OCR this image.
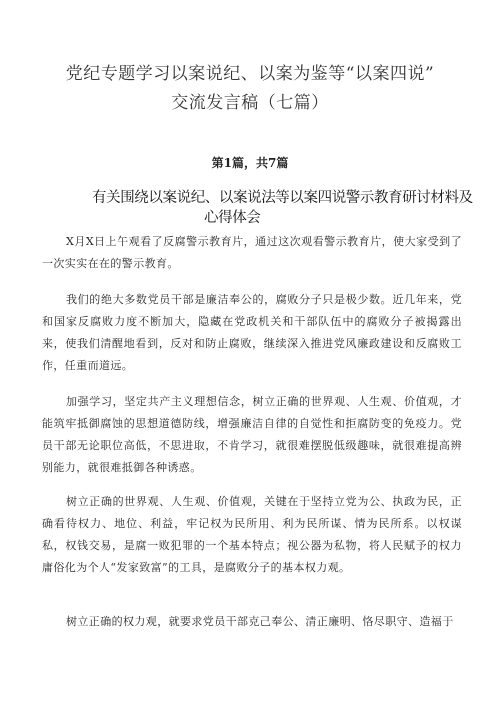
党纪专题学习以案说纪、以案为鉴等“以案四说”
交流发言稿（七篇）
第1篇，共7篇
有关围绕以案说纪、以案说法等以案四说警示教育研讨材料及
心得体会

X月X日上午观看了反腐警示教育片，通过这次观看警示教育片，使大家受到了一次实实在在的警示教育。

我们的绝大多数党员干部是廉洁奉公的，腐败分子只是极少数。近几年来，党和国家反腐败力度不断加大，隐藏在党政机关和干部队伍中的腐败分子被揭露出来，使我们清醒地看到，反对和防止腐败，继续深入推进党风廉政建设和反腐败工作，任重而道远。

加强学习，坚定共产主义理想信念，树立正确的世界观、人生观、价值观，才能筑牢抵御腐蚀的思想道德防线，增强廉洁自律的自觉性和拒腐防变的免疫力。党员干部无论职位高低，不思进取，不肯学习，就很难摆脱低级趣味，就很难提高辨别能力，就很难抵御各种诱惑。

树立正确的世界观、人生观、价值观，关键在于坚持立党为公、执政为民，正确看待权力、地位、利益，牢记权为民所用、利为民所谋、情为民所系。以权谋私，权钱交易，是腐一败犯罪的一个基本特点；视公器为私物，将人民赋予的权力庸俗化为个人“发家致富”的工具，是腐败分子的基本权力观。

树立正确的权力观，就要求党员干部克己奉公、清正廉明、恪尽职守、造福于
